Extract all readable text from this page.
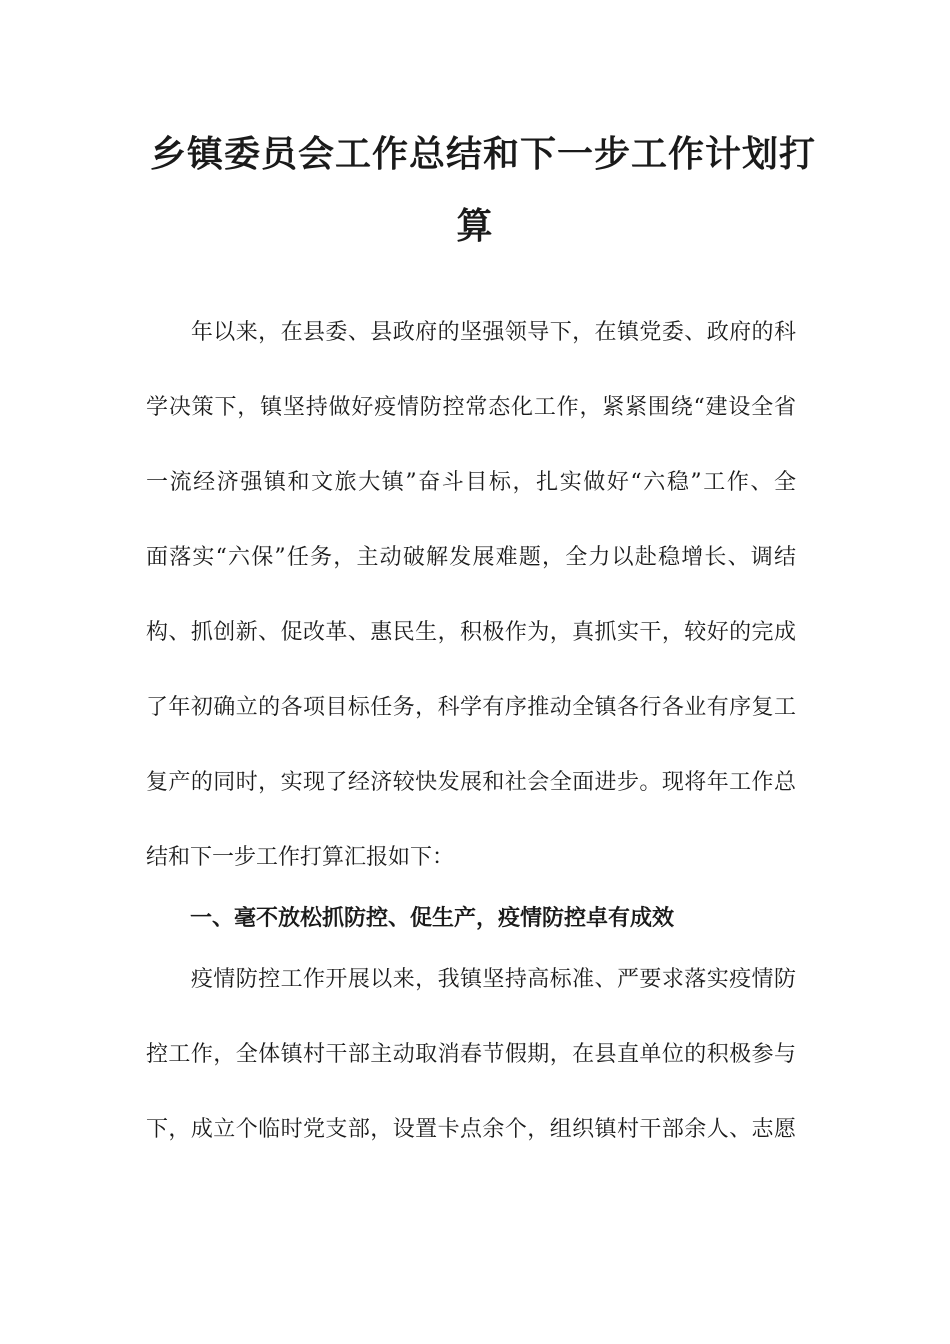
乡镇委员会工作总结和下一步工作计划打
算
　　年以来，在县委、县政府的坚强领导下，在镇党委、政府的科
学决策下，镇坚持做好疫情防控常态化工作，紧紧围绕“建设全省
一流经济强镇和文旅大镇”奋斗目标，扎实做好“六稳”工作、全
面落实“六保”任务，主动破解发展难题，全力以赴稳增长、调结
构、抓创新、促改革、惠民生，积极作为，真抓实干，较好的完成
了年初确立的各项目标任务，科学有序推动全镇各行各业有序复工
复产的同时，实现了经济较快发展和社会全面进步。现将年工作总
结和下一步工作打算汇报如下：
一、毫不放松抓防控、促生产，疫情防控卓有成效
　　疫情防控工作开展以来，我镇坚持高标准、严要求落实疫情防
控工作，全体镇村干部主动取消春节假期，在县直单位的积极参与
下，成立个临时党支部，设置卡点余个，组织镇村干部余人、志愿
